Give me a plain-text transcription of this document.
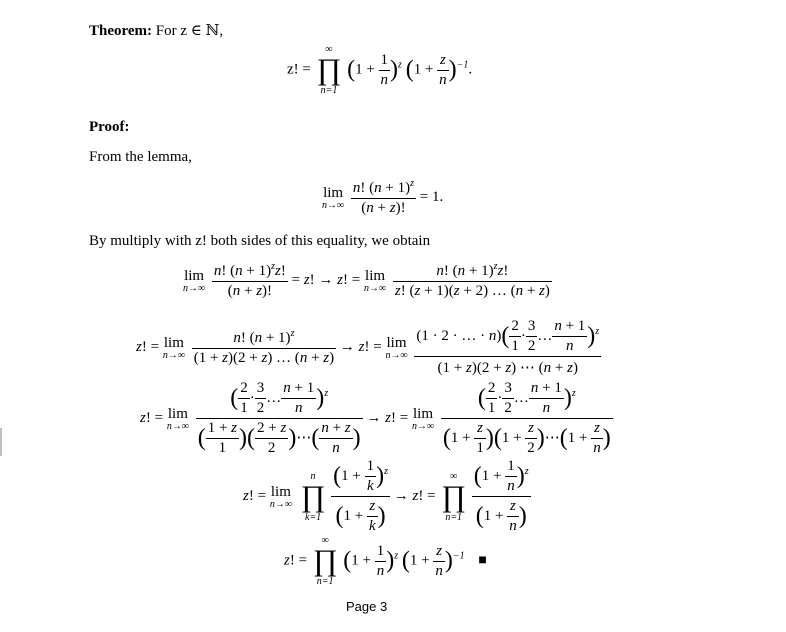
Theorem: For z ∈ ℕ,
z! =
∞
∏
n=1
$(1 + \frac{1}{n} )^z$ $(1 + \frac{z}{n} )^{-1}$.
Proof:
From the lemma,
lim
n→∞
$\frac{n! (n + 1)^z}{(n + z)!} = 1$.
By multiply with z! both sides of this equality, we obtain
lim
n→∞
$\frac{n! (n + 1)^zz!}{(n + z)!} = z$! → z! = lim
n→∞
$\frac{n! (n + 1)^zz!}{z! (z + 1)(z + 2) \dots (n + z)}$
z! = lim
n→∞
$\frac{n! (n + 1)^z}{(1 + z)(2 + z) \dots (n + z)} \to z$! = lim
n→∞
$\frac{(1 \cdot 2 \cdot \dots \cdot n)( \frac{2}{1} \cdot \frac{3}{2} \dots \frac{n + 1}{n} )^z}{(1 + z)(2 + z) \cdots (n + z)}$
z! = lim
n→∞
$\frac{( \frac{2}{1} \cdot \frac{3}{2} \dots \frac{n + 1}{n} )^z}{( \frac{1 + z}{1} )( \frac{2 + z}{2} )\cdots( \frac{n + z}{n} )} \to z$! = lim
n→∞
$\frac{( \frac{2}{1} \cdot \frac{3}{2} \dots \frac{n + 1}{n} )^z}{(1 + \frac{z}{1} )(1 + \frac{z}{2} )\cdots(1 + \frac{z}{n} )}$
z! = lim
n→∞

n
∏
k=1
$\frac{(1 + \frac{1}{k} )^z}{(1 + \frac{z}{k} )} \to z$! =
∞
∏
n=1
$\frac{(1 + \frac{1}{n} )^z}{(1 + \frac{z}{n} )}$
z! =
∞
∏
n=1
$(1 + \frac{1}{n} )^z$ $(1 + \frac{z}{n} )^{-1}$ ■
Page 3
